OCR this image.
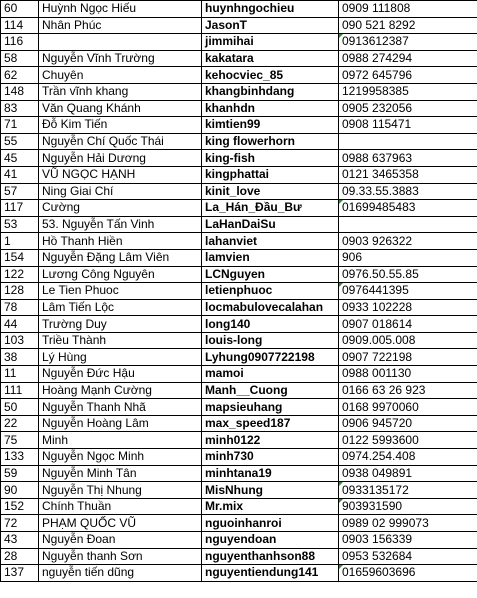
60	Huỳnh Ngọc Hiếu	huynhngochieu	0909 111808
114	Nhân Phúc	JasonT	090 521 8292
116		jimmihai	0913612387
58	Nguyễn Vĩnh Trường	kakatara	0988 274294
62	Chuyên	kehocviec_85	0972 645796
148	Trần vĩnh khang	khangbinhdang	1219958385
83	Văn Quang Khánh	khanhdn	0905 232056
71	Đỗ Kim Tiến	kimtien99	0908 115471
55	Nguyễn Chí Quốc Thái	king flowerhorn	
45	Nguyễn Hải Dương	king-fish	0988 637963
41	VŨ NGỌC HẠNH	kingphattai	0121 3465358
57	Ning Giai Chí	kinit_love	09.33.55.3883
117	Cường	La_Hán_Đầu_Bư	01699485483
53	53. Nguyễn Tấn Vinh	LaHanDaiSu	
1	Hồ Thanh Hiền	lahanviet	0903 926322
154	Nguyễn Đặng Lâm Viên	lamvien	906
122	Lương Công Nguyên	LCNguyen	0976.50.55.85
128	Le Tien Phuoc	letienphuoc	0976441395
78	Lâm Tiến Lộc	locmabulovecalahan	0933 102228
44	Trường Duy	long140	0907 018614
103	Triều Thành	louis-long	0909.005.008
38	Lý Hùng	Lyhung0907722198	0907 722198
11	Nguyễn Đức Hậu	mamoi	0988 001130
111	Hoàng Mạnh Cường	Manh__Cuong	0166 63 26 923
50	Nguyễn Thanh Nhã	mapsieuhang	0168 9970060
22	Nguyễn Hoàng Lâm	max_speed187	0906 945720
75	Minh	minh0122	0122 5993600
133	Nguyễn Ngọc Minh	minh730	0974.254.408
59	Nguyễn Minh Tân	minhtana19	0938 049891
90	Nguyễn Thị Nhung	MisNhung	0933135172
152	Chính Thuần	Mr.mix	903931590
72	PHẠM QUỐC VŨ	nguoinhanroi	0989 02 999073
43	Nguyễn Đoan	nguyendoan	0903 156339
28	Nguyễn thanh Sơn	nguyenthanhson88	0953 532684
137	nguyễn tiến dũng	nguyentiendung141	01659603696
